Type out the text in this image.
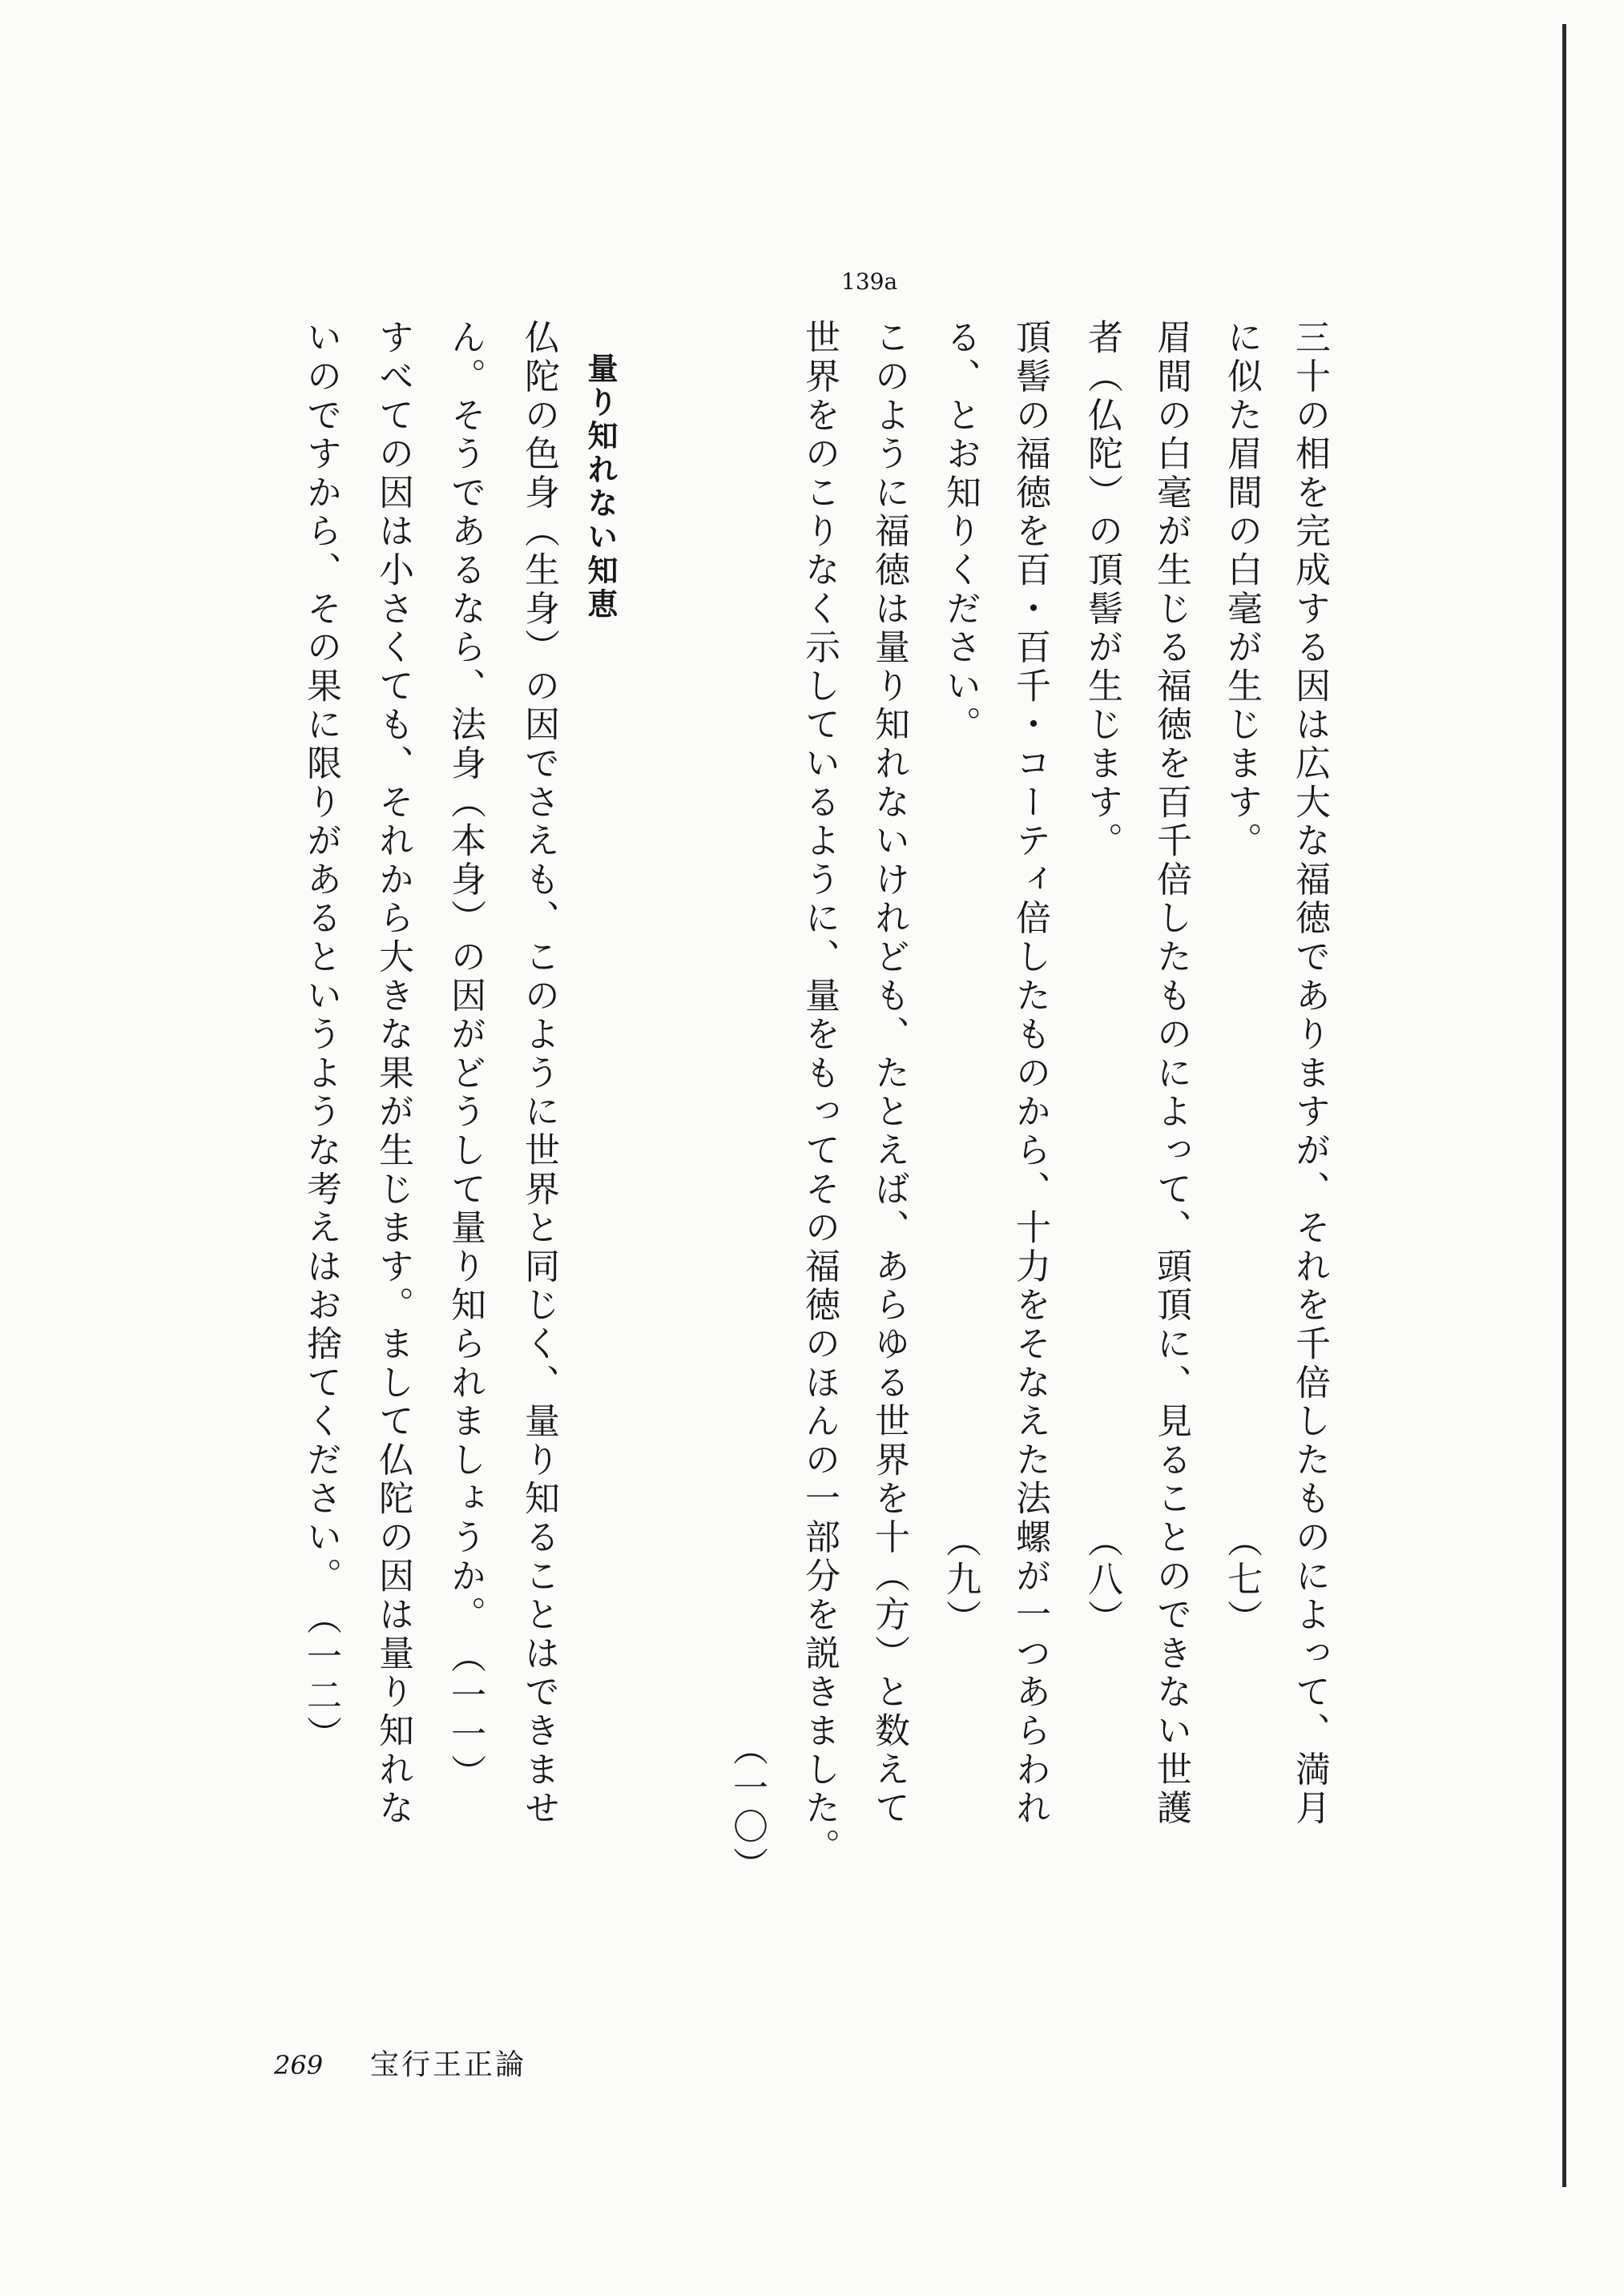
139a
三十の相を完成する因は広大な福徳でありますが、それを千倍したものによって、満月
に似た眉間の白毫が生じます。　　　　　　　　　　　　　　　　　　（七）
眉間の白毫が生じる福徳を百千倍したものによって、頭頂に、見ることのできない世護
者（仏陀）の頂髻が生じます。　　　　　　　　　　　　　　　　　　（八）
頂髻の福徳を百・百千・コーティ倍したものから、十力をそなえた法螺が一つあらわれ
る、とお知りください。　　　　　　　　　　　　　　　　　　　　　（九）
このように福徳は量り知れないけれども、たとえば、あらゆる世界を十（方）と数えて
世界をのこりなく示しているように、量をもってその福徳のほんの一部分を説きました。
（一〇）
量り知れない知恵
仏陀の色身（生身）の因でさえも、このように世界と同じく、量り知ることはできませ
ん。そうであるなら、法身（本身）の因がどうして量り知られましょうか。　（一一）
すべての因は小さくても、それから大きな果が生じます。まして仏陀の因は量り知れな
いのですから、その果に限りがあるというような考えはお捨てください。　（一二）
269 宝行王正論
